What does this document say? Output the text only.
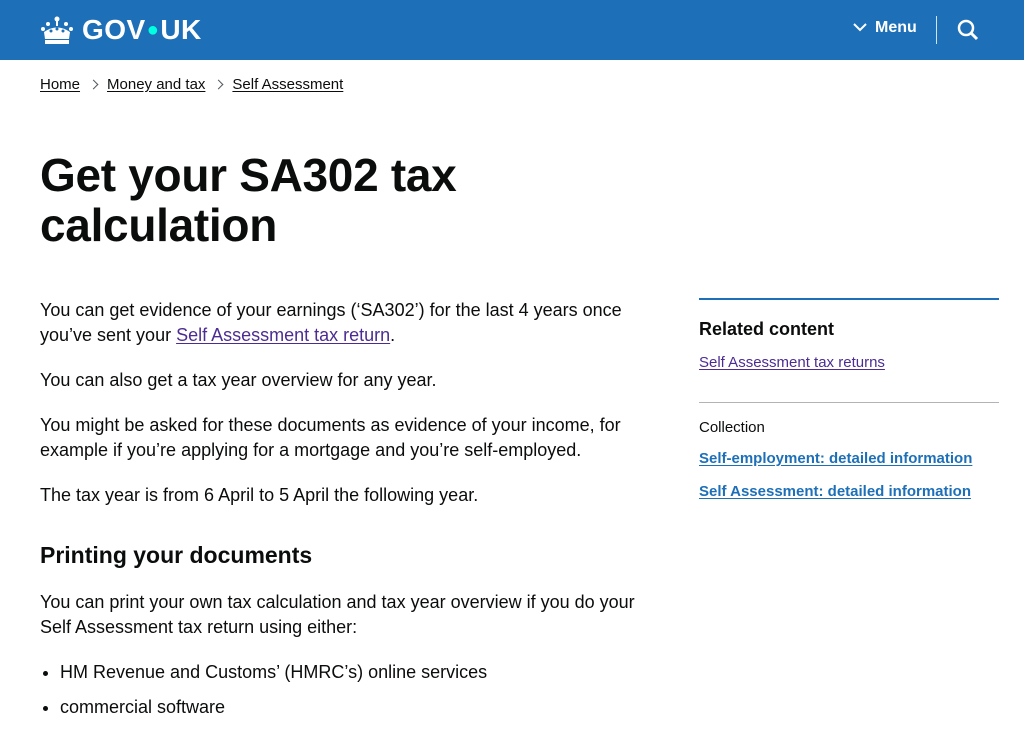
GOV●UK	Menu
Home Money and tax Self Assessment
Get your SA302 tax calculation

You can get evidence of your earnings (‘SA302’) for the last 4 years once you’ve sent your Self Assessment tax return.

You can also get a tax year overview for any year.

You might be asked for these documents as evidence of your income, for example if you’re applying for a mortgage and you’re self-employed.

The tax year is from 6 April to 5 April the following year.

Printing your documents

You can print your own tax calculation and tax year overview if you do your Self Assessment tax return using either:

• HM Revenue and Customs’ (HMRC’s) online services
• commercial software
Related content
Self Assessment tax returns

Collection

Self-employment: detailed information
Self Assessment: detailed information
